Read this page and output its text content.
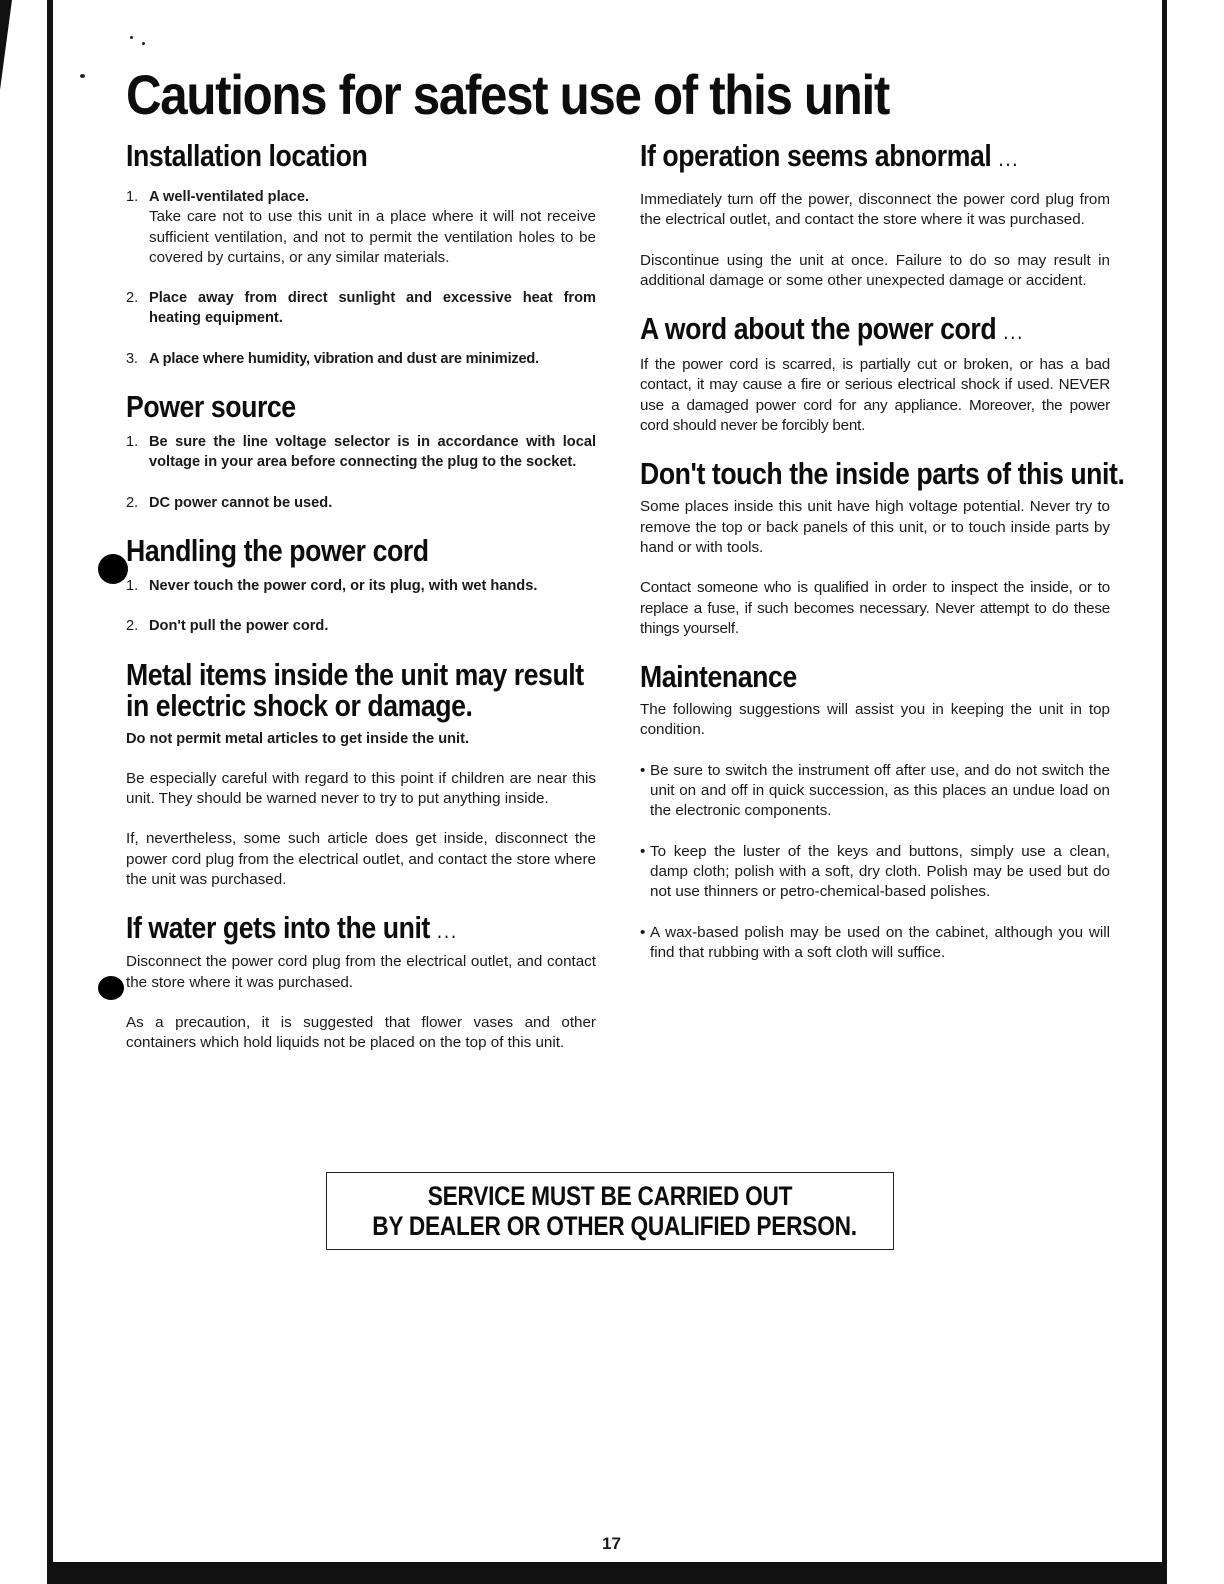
Cautions for safest use of this unit
Installation location
1. A well-ventilated place.
Take care not to use this unit in a place where it will not receive sufficient ventilation, and not to permit the ventilation holes to be covered by curtains, or any similar materials.
2. Place away from direct sunlight and excessive heat from heating equipment.
3. A place where humidity, vibration and dust are minimized.
Power source
1. Be sure the line voltage selector is in accordance with local voltage in your area before connecting the plug to the socket.
2. DC power cannot be used.
Handling the power cord
1. Never touch the power cord, or its plug, with wet hands.
2. Don't pull the power cord.
Metal items inside the unit may result
in electric shock or damage.

Do not permit metal articles to get inside the unit.

Be especially careful with regard to this point if children are near this unit. They should be warned never to try to put anything inside.

If, nevertheless, some such article does get inside, disconnect the power cord plug from the electrical outlet, and contact the store where the unit was purchased.

If water gets into the unit ...

Disconnect the power cord plug from the electrical outlet, and contact the store where it was purchased.

As a precaution, it is suggested that flower vases and other containers which hold liquids not be placed on the top of this unit.

If operation seems abnormal ...

Immediately turn off the power, disconnect the power cord plug from the electrical outlet, and contact the store where it was purchased.

Discontinue using the unit at once. Failure to do so may result in additional damage or some other unexpected damage or accident.

A word about the power cord ...

If the power cord is scarred, is partially cut or broken, or has a bad contact, it may cause a fire or serious electrical shock if used. NEVER use a damaged power cord for any appliance. Moreover, the power cord should never be forcibly bent.

Don't touch the inside parts of this unit.

Some places inside this unit have high voltage potential. Never try to remove the top or back panels of this unit, or to touch inside parts by hand or with tools.

Contact someone who is qualified in order to inspect the inside, or to replace a fuse, if such becomes necessary. Never attempt to do these things yourself.

Maintenance

The following suggestions will assist you in keeping the unit in top condition.

• Be sure to switch the instrument off after use, and do not switch the unit on and off in quick succession, as this places an undue load on the electronic components.
• To keep the luster of the keys and buttons, simply use a clean, damp cloth; polish with a soft, dry cloth. Polish may be used but do not use thinners or petro-chemical-based polishes.
• A wax-based polish may be used on the cabinet, although you will find that rubbing with a soft cloth will suffice.
SERVICE MUST BE CARRIED OUT
BY DEALER OR OTHER QUALIFIED PERSON.
17
